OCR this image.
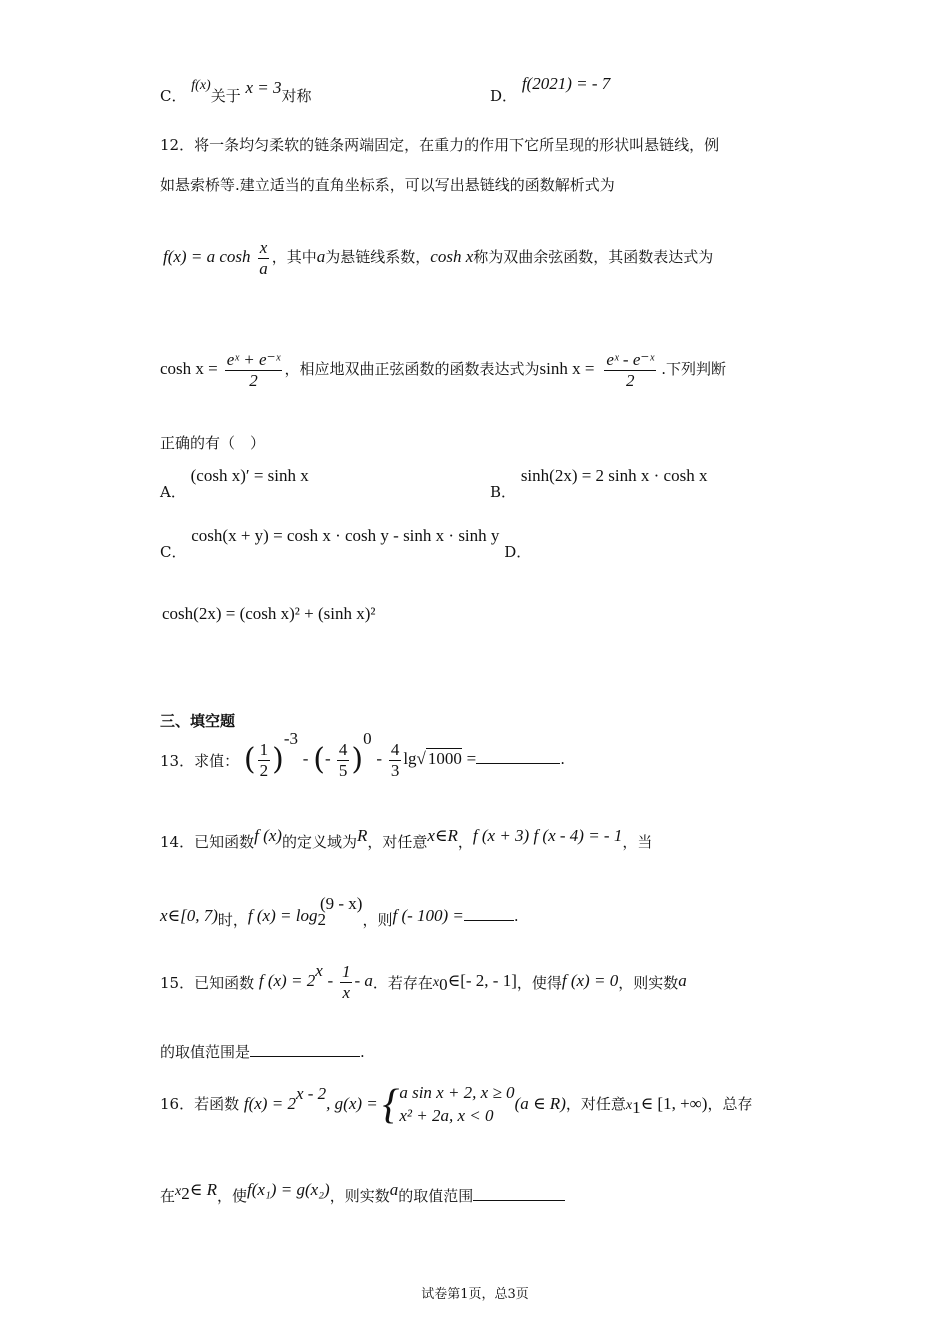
C． f(x)关于 x = 3对称	D． f(2021) = - 7
12．将一条均匀柔软的链条两端固定，在重力的作用下它所呈现的形状叫悬链线，例
如悬索桥等.建立适当的直角坐标系，可以写出悬链线的函数解析式为
f(x) = a $\cosh \frac{x}{a}$ ，其中a为悬链线系数，cosh x称为双曲余弦函数，其函数表达式为
$\cosh x = \frac{\text{eˣ + e⁻ˣ}}{2}$ ，相应地双曲正弦函数的函数表达式为$\sinh x = \frac{\text{eˣ - e⁻ˣ}}{2}$ .下列判断
正确的有（　）
A． (cosh x)′ = sinh x
B． sinh(2x) = 2 sinh x · cosh x
C． cosh(x + y) = cosh x · cosh y - sinh x · sinh y D．
cosh(2x) = (cosh x)² + (sinh x)²
三、填空题
13．求值： ( $\frac{1}{2} )^{-3}$ - (- $\frac{4}{5} )^0 - \frac{4}{3} \lg√$ 1000 =	.
14．已知函数f (x)的定义域为R，对任意x∈R，f (x + 3) f (x - 4) = - 1，当
x∈[0, 7)时，f $(x) = \log_2^{(9 - x)}$，则f (- 100) =	.
15．已知函数 f $(x) = 2^x - \frac{1}{x} - a$．若存在$x_0\in[-$ 2, - 1]，使得f (x) = 0，则实数a
的取值范围是	.
16．若函数 $f(x) = 2^{x - 2}$, g(x) = { a sin x + 2, x ≥ 0
x² + 2a, x < 0
(a ∈ R)，对任意$x_1\in$ [1, +∞)，总存
在$x_2\in$ R，使f(x₁) = g(x₂)，则实数a的取值范围
试卷第1页，总3页
